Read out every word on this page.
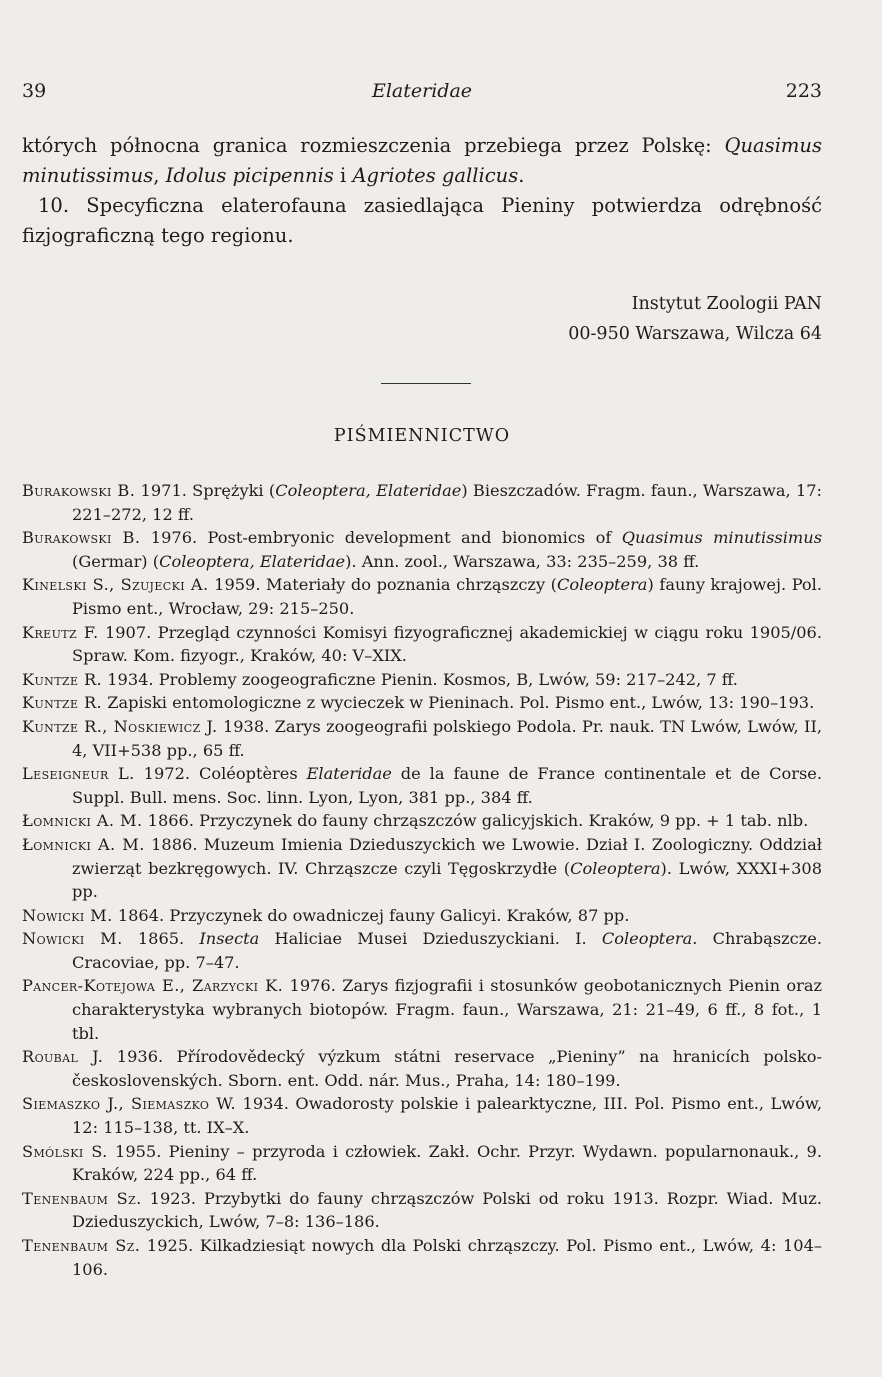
39	Elateridae	223

których północna granica rozmieszczenia przebiega przez Polskę: Quasimus minutissimus, Idolus picipennis i Agriotes gallicus.

10. Specyficzna elaterofauna zasiedlająca Pieniny potwierdza odrębność fizjograficzną tego regionu.

Instytut Zoologii PAN
00-950 Warszawa, Wilcza 64
PIŚMIENNICTWO
Burakowski B. 1971. Sprężyki (Coleoptera, Elateridae) Bieszczadów. Fragm. faun., Warszawa, 17: 221–272, 12 ff.
Burakowski B. 1976. Post-embryonic development and bionomics of Quasimus minutissimus (Germar) (Coleoptera, Elateridae). Ann. zool., Warszawa, 33: 235–259, 38 ff.
Kinelski S., Szujecki A. 1959. Materiały do poznania chrząszczy (Coleoptera) fauny krajowej. Pol. Pismo ent., Wrocław, 29: 215–250.
Kreutz F. 1907. Przegląd czynności Komisyi fizyograficznej akademickiej w ciągu roku 1905/06. Spraw. Kom. fizyogr., Kraków, 40: V–XIX.
Kuntze R. 1934. Problemy zoogeograficzne Pienin. Kosmos, B, Lwów, 59: 217–242, 7 ff.
Kuntze R. Zapiski entomologiczne z wycieczek w Pieninach. Pol. Pismo ent., Lwów, 13: 190–193.
Kuntze R., Noskiewicz J. 1938. Zarys zoogeografii polskiego Podola. Pr. nauk. TN Lwów, Lwów, II, 4, VII+538 pp., 65 ff.
Leseigneur L. 1972. Coléoptères Elateridae de la faune de France continentale et de Corse. Suppl. Bull. mens. Soc. linn. Lyon, Lyon, 381 pp., 384 ff.
Łomnicki A. M. 1866. Przyczynek do fauny chrząszczów galicyjskich. Kraków, 9 pp. + 1 tab. nlb.
Łomnicki A. M. 1886. Muzeum Imienia Dzieduszyckich we Lwowie. Dział I. Zoologiczny. Oddział zwierząt bezkręgowych. IV. Chrząszcze czyli Tęgoskrzydłe (Coleoptera). Lwów, XXXI+308 pp.
Nowicki M. 1864. Przyczynek do owadniczej fauny Galicyi. Kraków, 87 pp.
Nowicki M. 1865. Insecta Haliciae Musei Dzieduszyckiani. I. Coleoptera. Chrabąszcze. Cracoviae, pp. 7–47.
Pancer-Kotejowa E., Zarzycki K. 1976. Zarys fizjografii i stosunków geobotanicznych Pienin oraz charakterystyka wybranych biotopów. Fragm. faun., Warszawa, 21: 21–49, 6 ff., 8 fot., 1 tbl.
Roubal J. 1936. Přírodovědecký výzkum státni reservace „Pieniny” na hranicích polsko-československých. Sborn. ent. Odd. nár. Mus., Praha, 14: 180–199.
Siemaszko J., Siemaszko W. 1934. Owadorosty polskie i palearktyczne, III. Pol. Pismo ent., Lwów, 12: 115–138, tt. IX–X.
Smólski S. 1955. Pieniny – przyroda i człowiek. Zakł. Ochr. Przyr. Wydawn. popularnonauk., 9. Kraków, 224 pp., 64 ff.
Tenenbaum Sz. 1923. Przybytki do fauny chrząszczów Polski od roku 1913. Rozpr. Wiad. Muz. Dzieduszyckich, Lwów, 7–8: 136–186.
Tenenbaum Sz. 1925. Kilkadziesiąt nowych dla Polski chrząszczy. Pol. Pismo ent., Lwów, 4: 104–106.
